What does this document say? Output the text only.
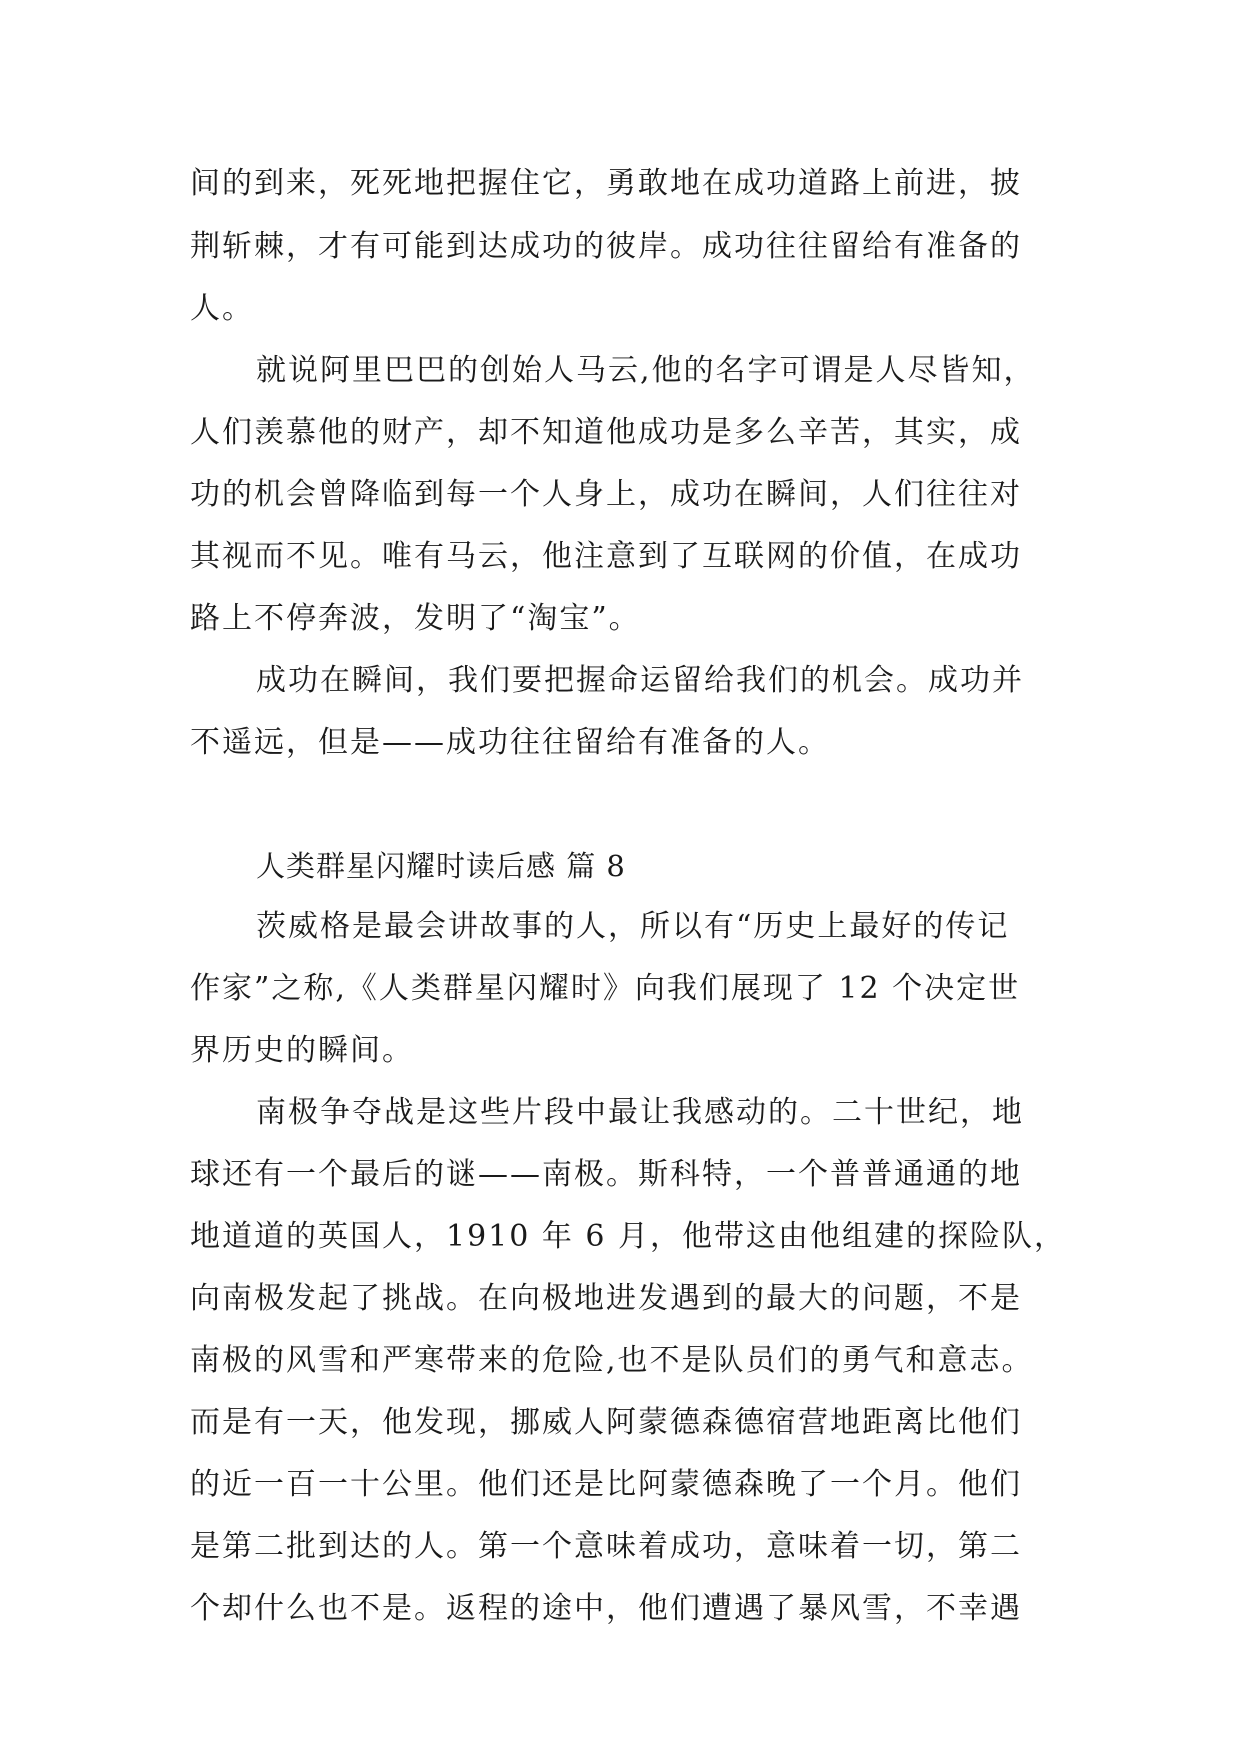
间的到来，死死地把握住它，勇敢地在成功道路上前进，披
荆斩棘，才有可能到达成功的彼岸。成功往往留给有准备的
人。
就说阿里巴巴的创始人马云,他的名字可谓是人尽皆知，
人们羡慕他的财产，却不知道他成功是多么辛苦，其实，成
功的机会曾降临到每一个人身上，成功在瞬间，人们往往对
其视而不见。唯有马云，他注意到了互联网的价值，在成功
路上不停奔波，发明了“淘宝”。
成功在瞬间，我们要把握命运留给我们的机会。成功并
不遥远，但是——成功往往留给有准备的人。
人类群星闪耀时读后感 篇 8
茨威格是最会讲故事的人，所以有“历史上最好的传记
作家”之称,《人类群星闪耀时》向我们展现了 12 个决定世
界历史的瞬间。
南极争夺战是这些片段中最让我感动的。二十世纪，地
球还有一个最后的谜——南极。斯科特，一个普普通通的地
地道道的英国人，1910 年 6 月，他带这由他组建的探险队，
向南极发起了挑战。在向极地进发遇到的最大的问题，不是
南极的风雪和严寒带来的危险,也不是队员们的勇气和意志。
而是有一天，他发现，挪威人阿蒙德森德宿营地距离比他们
的近一百一十公里。他们还是比阿蒙德森晚了一个月。他们
是第二批到达的人。第一个意味着成功，意味着一切，第二
个却什么也不是。返程的途中，他们遭遇了暴风雪，不幸遇
